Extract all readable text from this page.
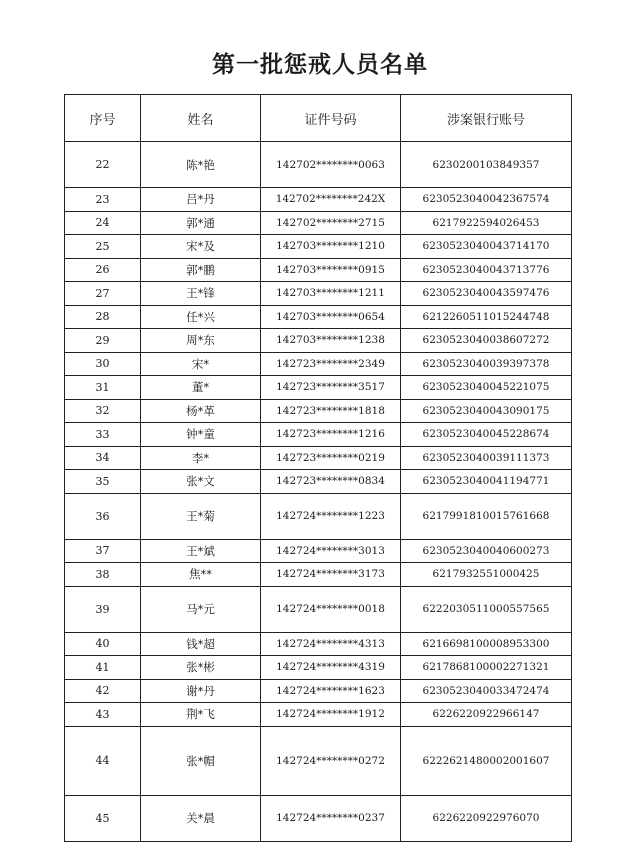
第一批惩戒人员名单
序号	姓名	证件号码	涉案银行账号
22	陈*艳	142702********0063	6230200103849357
23	吕*丹	142702********242X	6230523040042367574
24	郭*通	142702********2715	6217922594026453
25	宋*及	142703********1210	6230523040043714170
26	郭*鹏	142703********0915	6230523040043713776
27	王*锋	142703********1211	6230523040043597476
28	任*兴	142703********0654	6212260511015244748
29	周*东	142703********1238	6230523040038607272
30	宋*	142723********2349	6230523040039397378
31	董*	142723********3517	6230523040045221075
32	杨*革	142723********1818	6230523040043090175
33	钟*童	142723********1216	6230523040045228674
34	李*	142723********0219	6230523040039111373
35	张*文	142723********0834	6230523040041194771
36	王*菊	142724********1223	6217991810015761668
37	王*斌	142724********3013	6230523040040600273
38	焦**	142724********3173	6217932551000425
39	马*元	142724********0018	6222030511000557565
40	钱*超	142724********4313	6216698100008953300
41	张*彬	142724********4319	6217868100002271321
42	谢*丹	142724********1623	6230523040033472474
43	荆*飞	142724********1912	6226220922966147
44	张*帽	142724********0272	6222621480002001607
45	关*晨	142724********0237	6226220922976070
